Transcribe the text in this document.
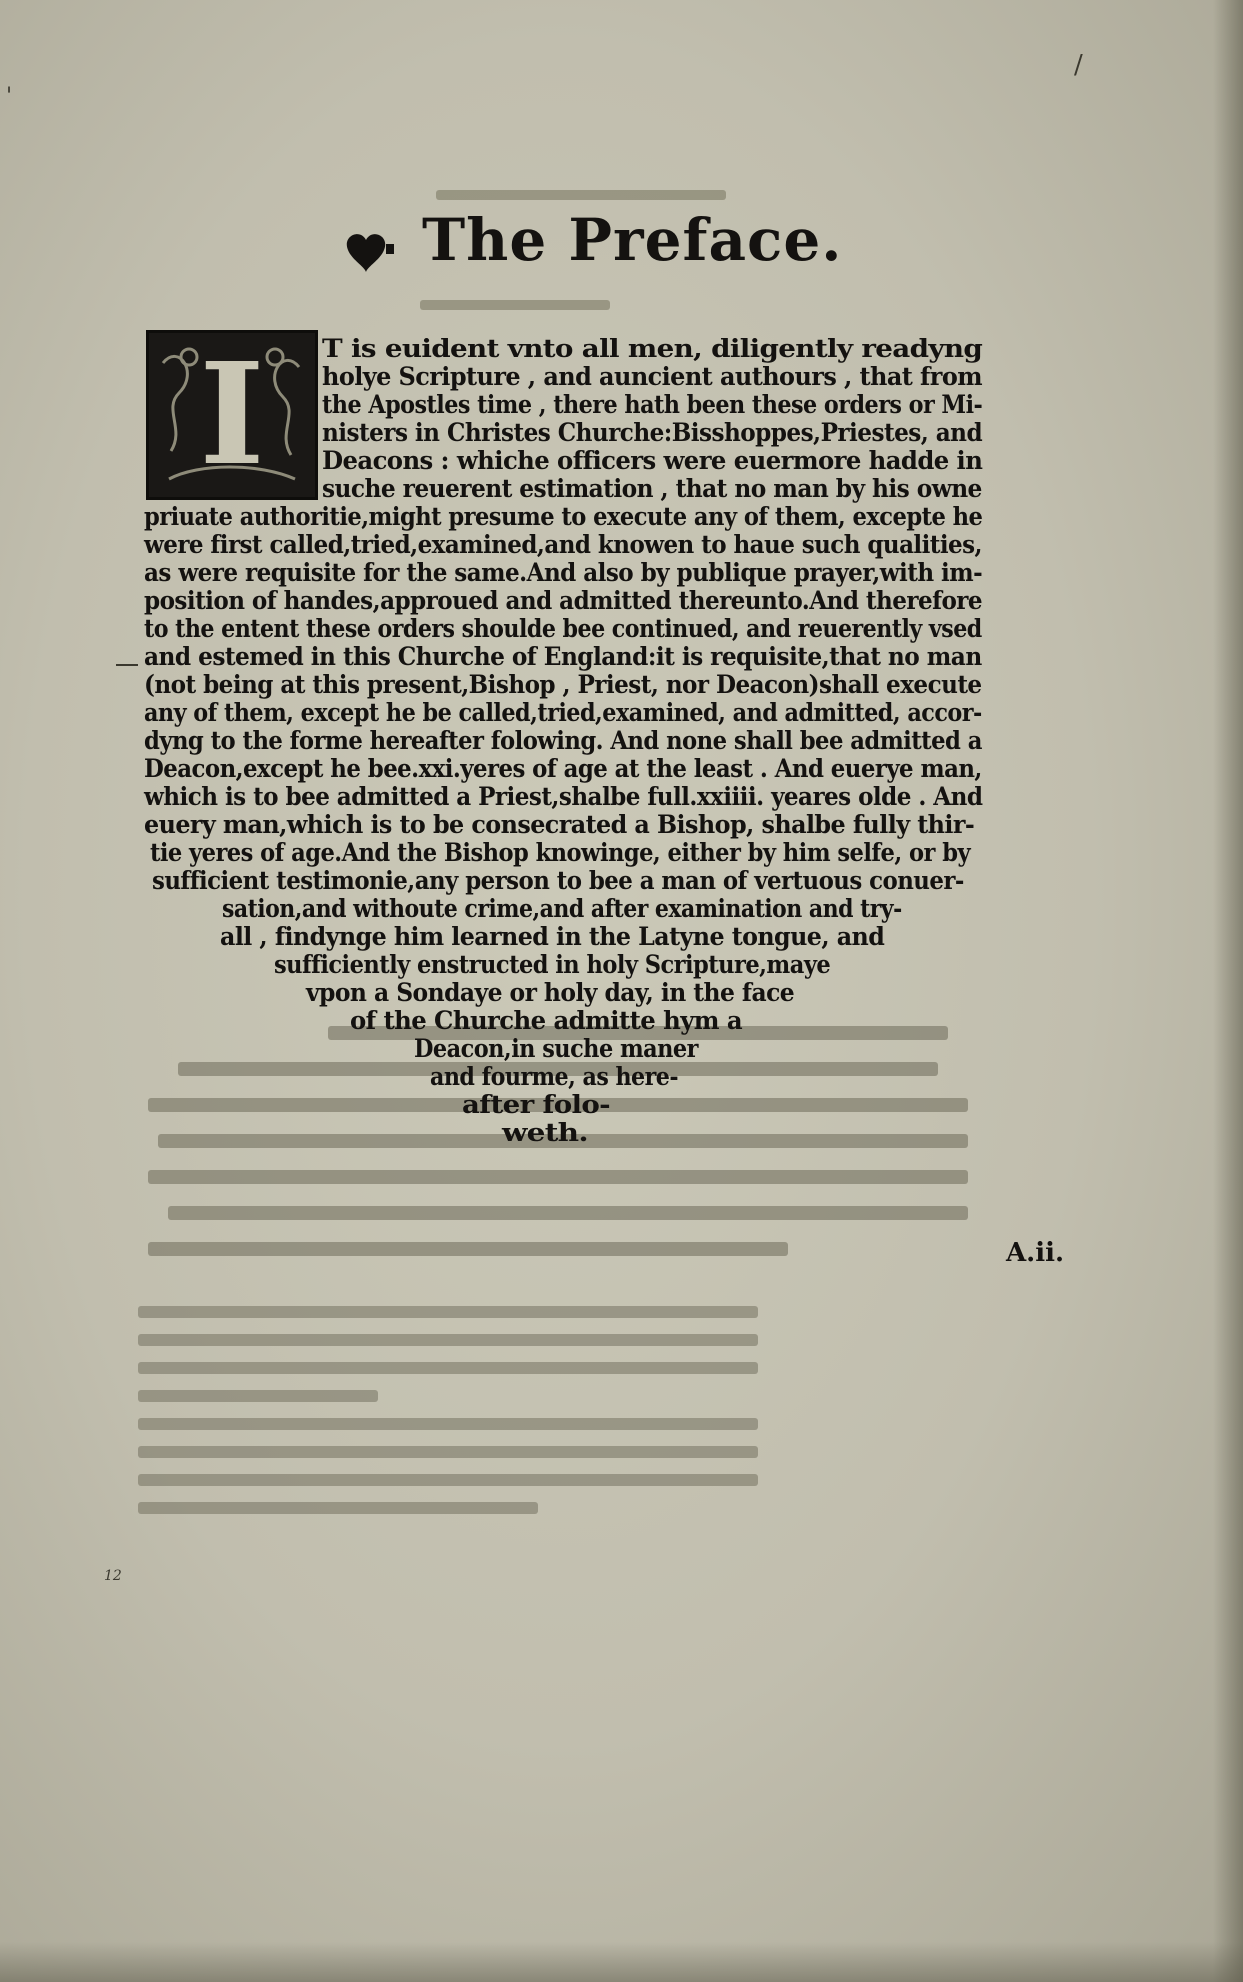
/
'
12
The Preface.
I	T is euident vnto all men, diligently readyng
holye Scripture , and auncient authours , that from
the Apostles time , there hath been these orders or Mi-
nisters in Christes Churche:Bisshoppes,Priestes, and
Deacons : whiche officers were euermore hadde in
suche reuerent estimation , that no man by his owne
priuate authoritie,might presume to execute any of them, excepte he
were first called,tried,examined,and knowen to haue such qualities,
as were requisite for the same.And also by publique prayer,with im-
position of handes,approued and admitted thereunto.And therefore
to the entent these orders shoulde bee continued, and reuerently vsed
and estemed in this Churche of England:it is requisite,that no man
(not being at this present,Bishop , Priest, nor Deacon)shall execute
any of them, except he be called,tried,examined, and admitted, accor-
dyng to the forme hereafter folowing. And none shall bee admitted a
Deacon,except he bee.xxi.yeres of age at the least . And euerye man,
which is to bee admitted a Priest,shalbe full.xxiiii. yeares olde . And
euery man,which is to be consecrated a Bishop, shalbe fully thir-
tie yeres of age.And the Bishop knowinge, either by him selfe, or by
sufficient testimonie,any person to bee a man of vertuous conuer-
sation,and withoute crime,and after examination and try-
all , findynge him learned in the Latyne tongue, and
sufficiently enstructed in holy Scripture,maye
vpon a Sondaye or holy day, in the face
of the Churche admitte hym a
Deacon,in suche maner
and fourme, as here-
after folo-
weth.
A.ii.
